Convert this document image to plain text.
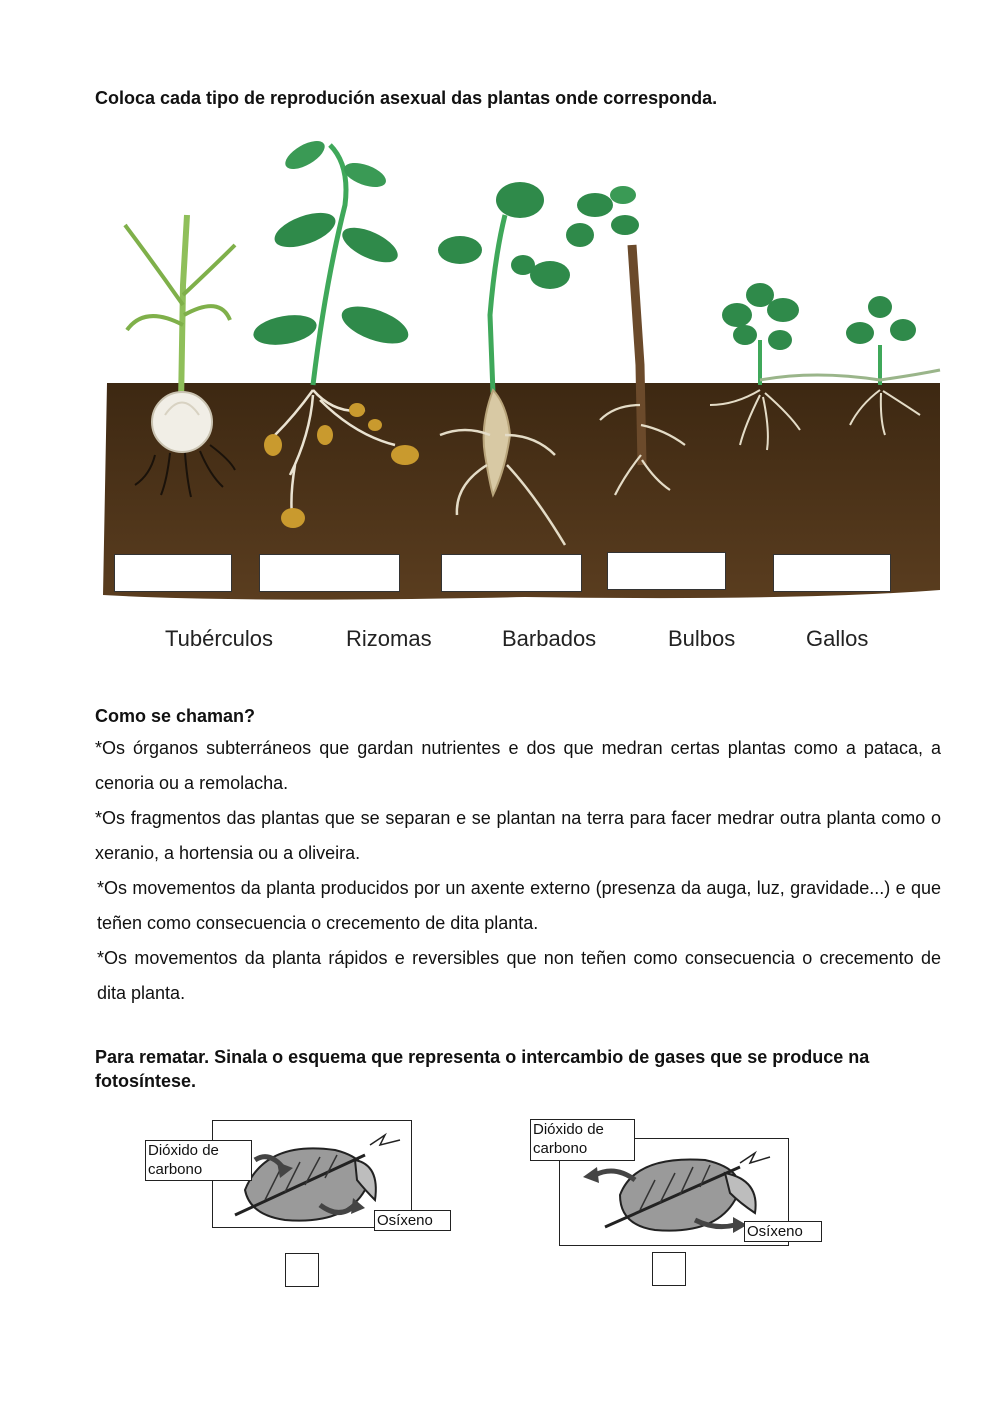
Coloca cada tipo de reprodución asexual das plantas onde corresponda.
Tubérculos	Rizomas	Barbados	Bulbos	Gallos
Como se chaman?
*Os órganos subterráneos que gardan nutrientes e dos que medran certas plantas como a pataca, a cenoria ou a remolacha.
*Os fragmentos das plantas que se separan e se plantan na terra para facer medrar outra planta como o xeranio, a hortensia ou a oliveira.
*Os movementos da planta producidos por un axente externo (presenza da auga, luz, gravidade...) e que teñen como consecuencia o crecemento de dita planta.
*Os movementos da planta rápidos e reversibles que non teñen como consecuencia o crecemento de dita planta.
Para rematar. Sinala o esquema que representa o intercambio de gases que se produce na fotosíntese.
Dióxido de carbono
Osíxeno
Dióxido de carbono
Osíxeno
